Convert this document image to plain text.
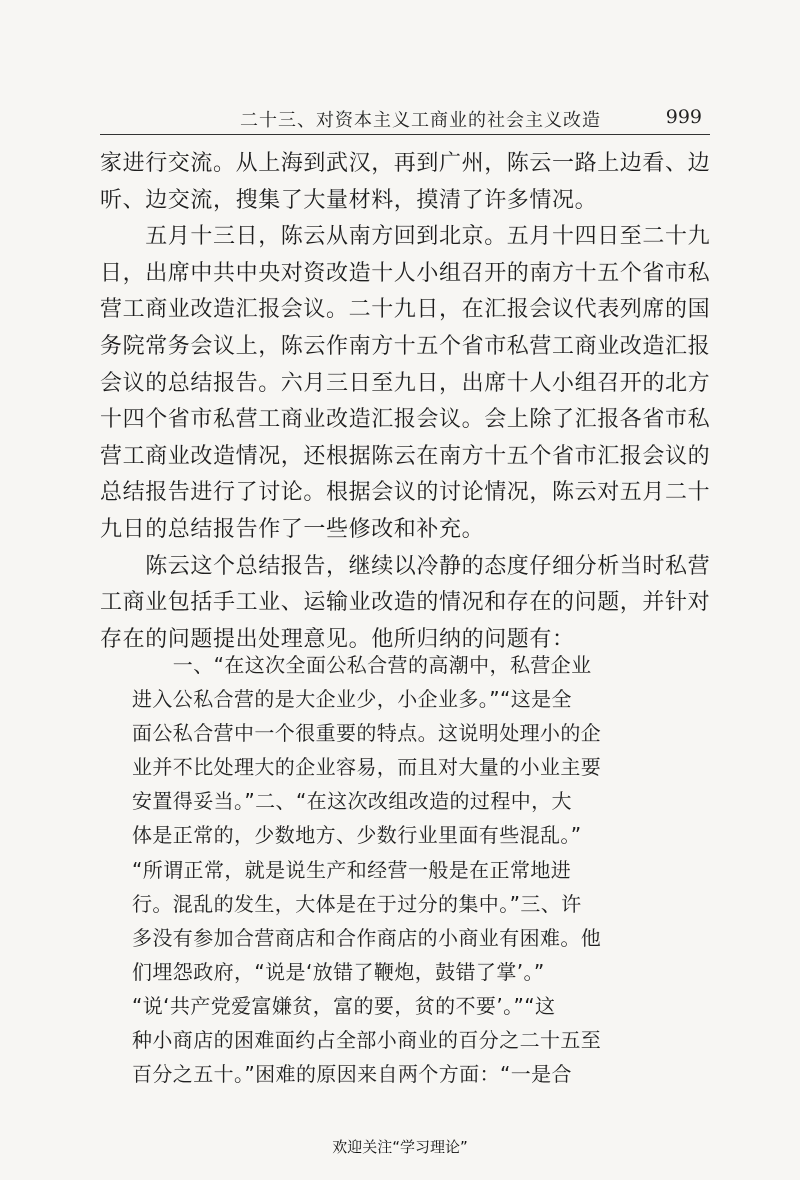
二十三、对资本主义工商业的社会主义改造	999

家进行交流。从上海到武汉，再到广州，陈云一路上边看、边

听、边交流，搜集了大量材料，摸清了许多情况。

　　五月十三日，陈云从南方回到北京。五月十四日至二十九

日，出席中共中央对资改造十人小组召开的南方十五个省市私

营工商业改造汇报会议。二十九日，在汇报会议代表列席的国

务院常务会议上，陈云作南方十五个省市私营工商业改造汇报

会议的总结报告。六月三日至九日，出席十人小组召开的北方

十四个省市私营工商业改造汇报会议。会上除了汇报各省市私

营工商业改造情况，还根据陈云在南方十五个省市汇报会议的

总结报告进行了讨论。根据会议的讨论情况，陈云对五月二十

九日的总结报告作了一些修改和补充。

　　陈云这个总结报告，继续以冷静的态度仔细分析当时私营

工商业包括手工业、运输业改造的情况和存在的问题，并针对

存在的问题提出处理意见。他所归纳的问题有：

　　一、“在这次全面公私合营的高潮中，私营企业

进入公私合营的是大企业少，小企业多。”“这是全

面公私合营中一个很重要的特点。这说明处理小的企

业并不比处理大的企业容易，而且对大量的小业主要

安置得妥当。”二、“在这次改组改造的过程中，大

体是正常的，少数地方、少数行业里面有些混乱。”

“所谓正常，就是说生产和经营一般是在正常地进

行。混乱的发生，大体是在于过分的集中。”三、许

多没有参加合营商店和合作商店的小商业有困难。他

们埋怨政府，“说是‘放错了鞭炮，鼓错了掌’。”

“说‘共产党爱富嫌贫，富的要，贫的不要’。”“这

种小商店的困难面约占全部小商业的百分之二十五至

百分之五十。”困难的原因来自两个方面：“一是合

欢迎关注“学习理论”
